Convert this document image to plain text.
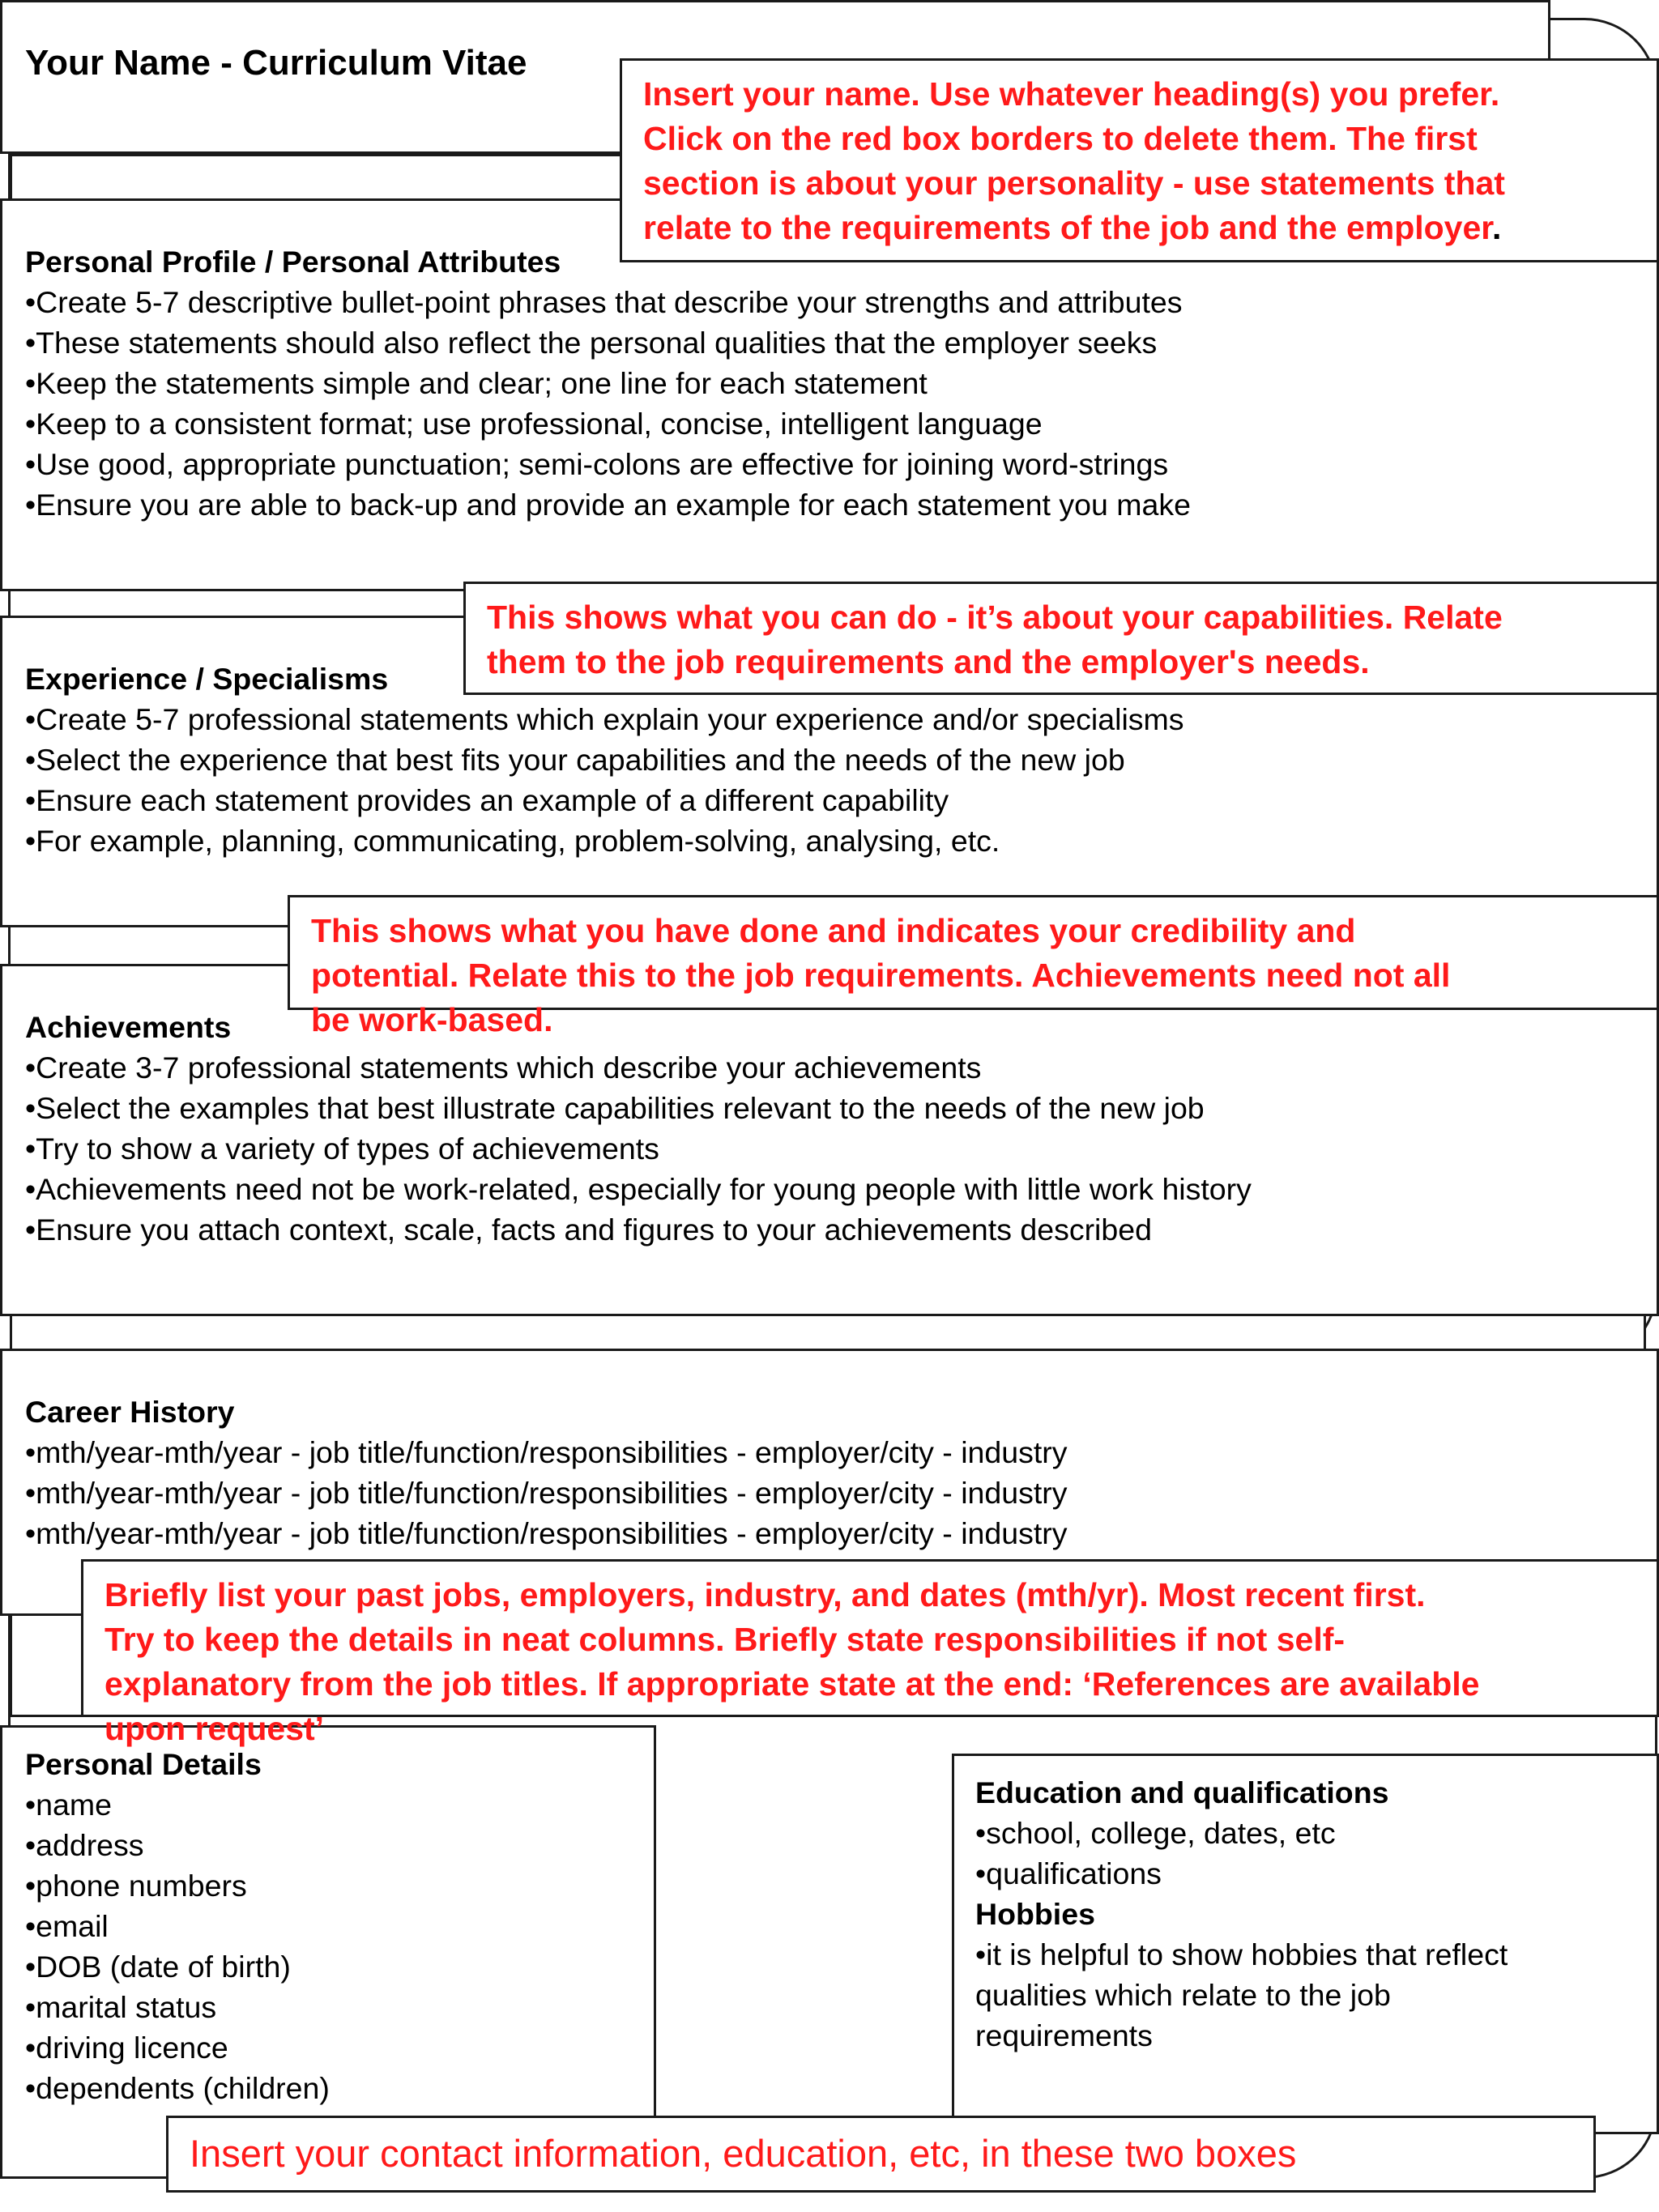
Your Name - Curriculum Vitae
Personal Profile / Personal Attributes
•Create 5-7 descriptive bullet-point phrases that describe your strengths and attributes
•These statements should also reflect the personal qualities that the employer seeks
•Keep the statements simple and clear; one line for each statement
•Keep to a consistent format; use professional, concise, intelligent language
•Use good, appropriate punctuation; semi-colons are effective for joining word-strings
•Ensure you are able to back-up and provide an example for each statement you make
Experience / Specialisms
•Create 5-7 professional statements which explain your experience and/or specialisms
•Select the experience that best fits your capabilities and the needs of the new job
•Ensure each statement provides an example of a different capability
•For example, planning, communicating, problem-solving, analysing, etc.
Achievements
•Create 3-7 professional statements which describe your achievements
•Select the examples that best illustrate capabilities relevant to the needs of the new job
•Try to show a variety of types of achievements
•Achievements need not be work-related, especially for young people with little work history
•Ensure you attach context, scale, facts and figures to your achievements described
Career History
•mth/year-mth/year - job title/function/responsibilities - employer/city - industry
•mth/year-mth/year - job title/function/responsibilities - employer/city - industry
•mth/year-mth/year - job title/function/responsibilities - employer/city - industry
Personal Details
•name
•address
•phone numbers
•email
•DOB (date of birth)
•marital status
•driving licence
•dependents (children)
Education and qualifications
•school, college, dates, etc
•qualifications
Hobbies
•it is helpful to show hobbies that reflect
qualities which relate to the job
requirements
Insert your name. Use whatever heading(s) you prefer.
Click on the red box borders to delete them. The first
section is about your personality - use statements that
relate to the requirements of the job and the employer.
This shows what you can do - it’s about your capabilities. Relate
them to the job requirements and the employer's needs.
This shows what you have done and indicates your credibility and
potential. Relate this to the job requirements. Achievements need not all
be work-based.
Briefly list your past jobs, employers, industry, and dates (mth/yr). Most recent first.
Try to keep the details in neat columns. Briefly state responsibilities if not self-
explanatory from the job titles. If appropriate state at the end: ‘References are available
Insert your contact information, education, etc, in these two boxes
